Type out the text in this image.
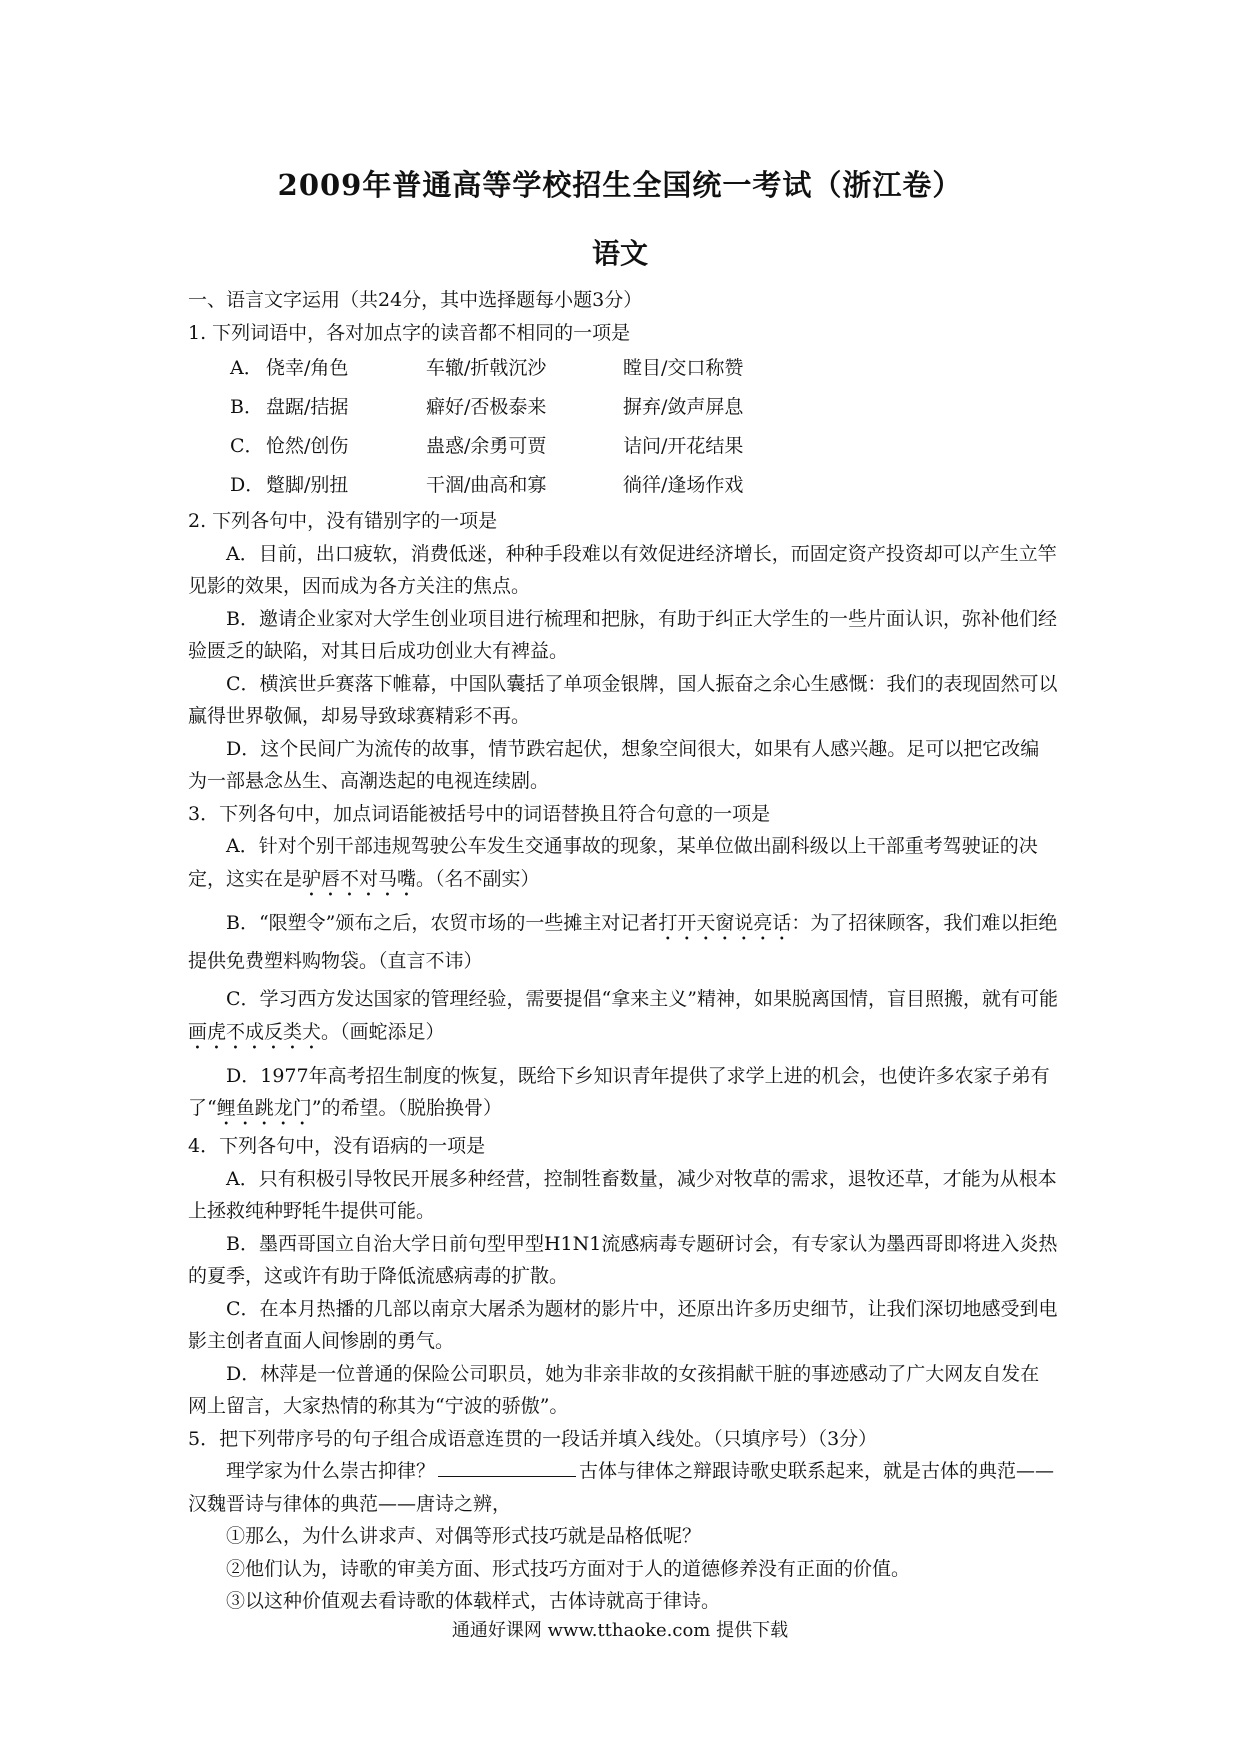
2009年普通高等学校招生全国统一考试（浙江卷）
语文

一、语言文字运用（共24分，其中选择题每小题3分）

1. 下列词语中，各对加点字的读音都不相同的一项是

A． 侥幸/角色	车辙/折戟沉沙	瞠目/交口称赞
B． 盘踞/拮据	癖好/否极泰来	摒弃/敛声屏息
C． 怆然/创伤	蛊惑/余勇可贾	诘问/开花结果
D． 蹩脚/别扭	干涸/曲高和寡	徜徉/逢场作戏

2. 下列各句中，没有错别字的一项是

A．目前，出口疲软，消费低迷，种种手段难以有效促进经济增长，而固定资产投资却可以产生立竿见影的效果，因而成为各方关注的焦点。

B．邀请企业家对大学生创业项目进行梳理和把脉，有助于纠正大学生的一些片面认识，弥补他们经验匮乏的缺陷，对其日后成功创业大有裨益。

C．横滨世乒赛落下帷幕，中国队囊括了单项金银牌，国人振奋之余心生感慨：我们的表现固然可以赢得世界敬佩，却易导致球赛精彩不再。

D．这个民间广为流传的故事，情节跌宕起伏，想象空间很大，如果有人感兴趣。足可以把它改编为一部悬念丛生、高潮迭起的电视连续剧。

3．下列各句中，加点词语能被括号中的词语替换且符合句意的一项是

A．针对个别干部违规驾驶公车发生交通事故的现象，某单位做出副科级以上干部重考驾驶证的决定，这实在是驴唇不对马嘴。（名不副实）

B．“限塑令”颁布之后，农贸市场的一些摊主对记者打开天窗说亮话：为了招徕顾客，我们难以拒绝提供免费塑料购物袋。（直言不讳）

C．学习西方发达国家的管理经验，需要提倡“拿来主义”精神，如果脱离国情，盲目照搬，就有可能画虎不成反类犬。（画蛇添足）

D．1977年高考招生制度的恢复，既给下乡知识青年提供了求学上进的机会，也使许多农家子弟有了“鲤鱼跳龙门”的希望。（脱胎换骨）

4．下列各句中，没有语病的一项是

A．只有积极引导牧民开展多种经营，控制牲畜数量，减少对牧草的需求，退牧还草，才能为从根本上拯救纯种野牦牛提供可能。

B．墨西哥国立自治大学日前句型甲型H1N1流感病毒专题研讨会，有专家认为墨西哥即将进入炎热的夏季，这或许有助于降低流感病毒的扩散。

C．在本月热播的几部以南京大屠杀为题材的影片中，还原出许多历史细节，让我们深切地感受到电影主创者直面人间惨剧的勇气。

D．林萍是一位普通的保险公司职员，她为非亲非故的女孩捐献干脏的事迹感动了广大网友自发在网上留言，大家热情的称其为“宁波的骄傲”。

5．把下列带序号的句子组合成语意连贯的一段话并填入线处。（只填序号）（3分）

理学家为什么崇古抑律？	古体与律体之辩跟诗歌史联系起来，就是古体的典范——汉魏晋诗与律体的典范——唐诗之辨，

①那么，为什么讲求声、对偶等形式技巧就是品格低呢？

②他们认为，诗歌的审美方面、形式技巧方面对于人的道德修养没有正面的价值。

③以这种价值观去看诗歌的体载样式，古体诗就高于律诗。

通通好课网 www.tthaoke.com 提供下载
